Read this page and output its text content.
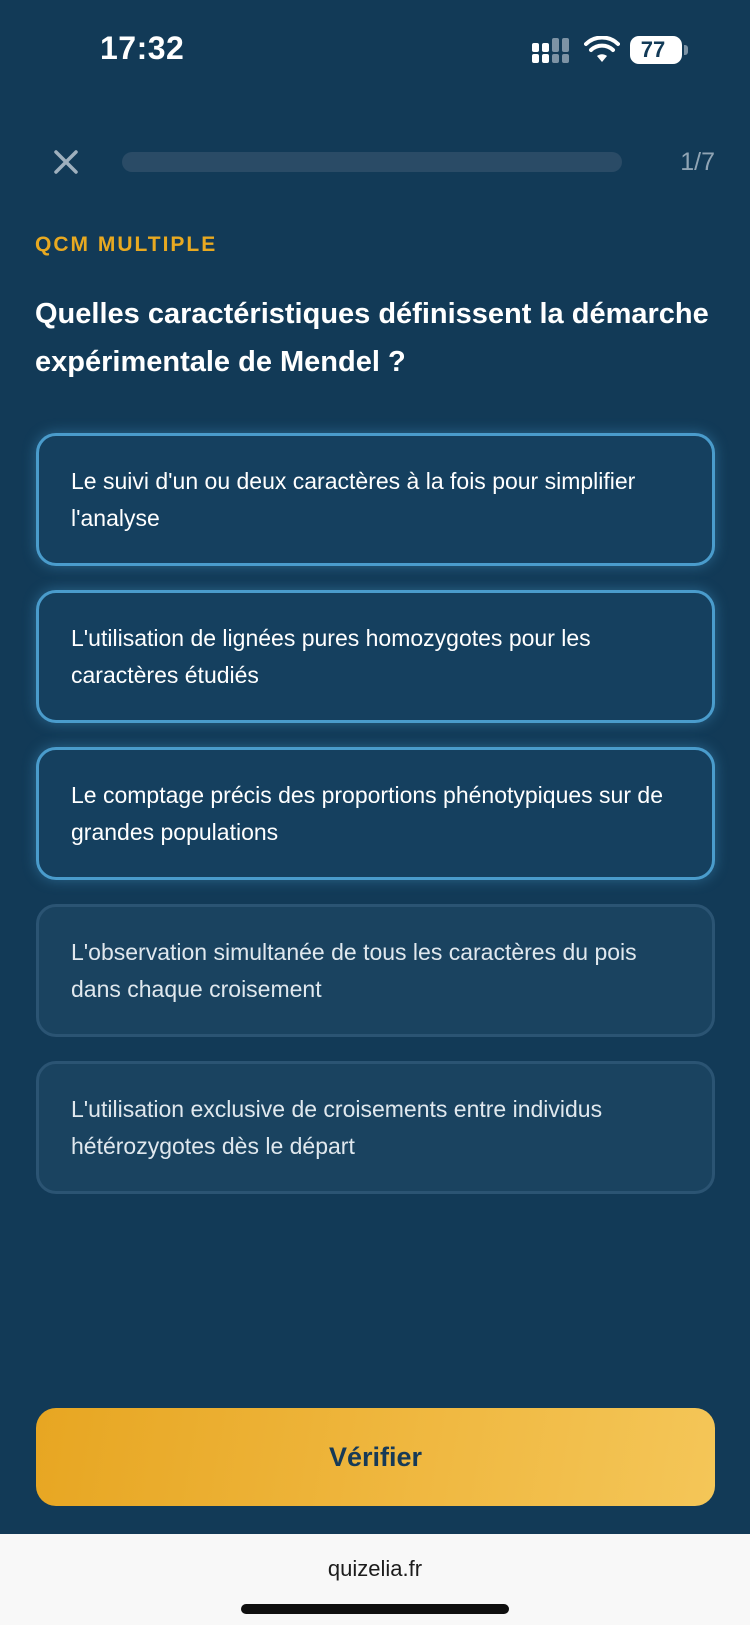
17:32	77
1/7
QCM MULTIPLE
Quelles caractéristiques définissent la démarche expérimentale de Mendel ?
Le suivi d'un ou deux caractères à la fois pour simplifier l'analyse
L'utilisation de lignées pures homozygotes pour les caractères étudiés
Le comptage précis des proportions phénotypiques sur de grandes populations
L'observation simultanée de tous les caractères du pois dans chaque croisement
L'utilisation exclusive de croisements entre individus hétérozygotes dès le départ
Vérifier
quizelia.fr
